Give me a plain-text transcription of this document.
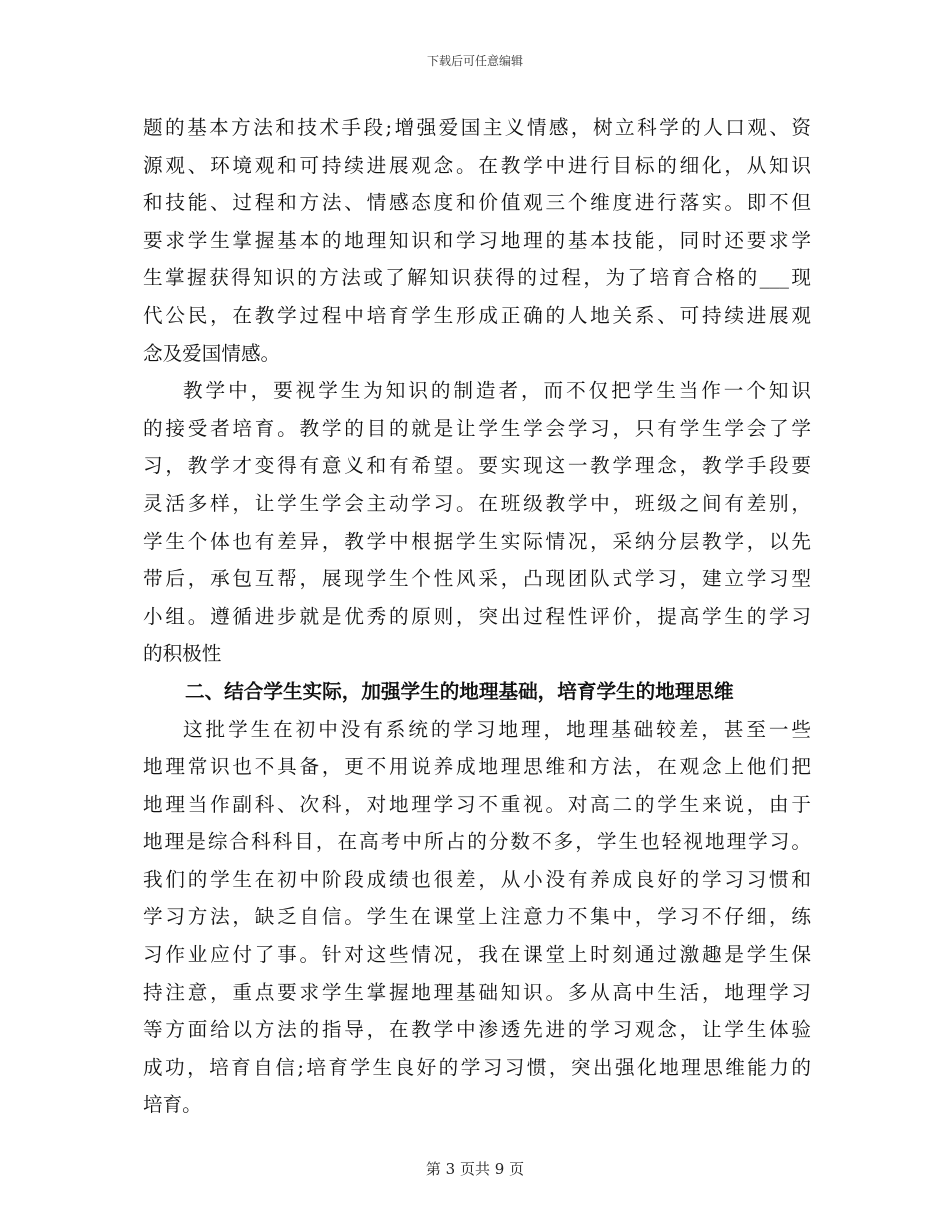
下载后可任意编辑
题的基本方法和技术手段;增强爱国主义情感，树立科学的人口观、资
源观、环境观和可持续进展观念。在教学中进行目标的细化，从知识
和技能、过程和方法、情感态度和价值观三个维度进行落实。即不但
要求学生掌握基本的地理知识和学习地理的基本技能，同时还要求学
生掌握获得知识的方法或了解知识获得的过程，为了培育合格的___现
代公民，在教学过程中培育学生形成正确的人地关系、可持续进展观
念及爱国情感。
教学中，要视学生为知识的制造者，而不仅把学生当作一个知识
的接受者培育。教学的目的就是让学生学会学习，只有学生学会了学
习，教学才变得有意义和有希望。要实现这一教学理念，教学手段要
灵活多样，让学生学会主动学习。在班级教学中，班级之间有差别，
学生个体也有差异，教学中根据学生实际情况，采纳分层教学，以先
带后，承包互帮，展现学生个性风采，凸现团队式学习，建立学习型
小组。遵循进步就是优秀的原则，突出过程性评价，提高学生的学习
的积极性
二、结合学生实际，加强学生的地理基础，培育学生的地理思维
这批学生在初中没有系统的学习地理，地理基础较差，甚至一些
地理常识也不具备，更不用说养成地理思维和方法，在观念上他们把
地理当作副科、次科，对地理学习不重视。对高二的学生来说，由于
地理是综合科科目，在高考中所占的分数不多，学生也轻视地理学习。
我们的学生在初中阶段成绩也很差，从小没有养成良好的学习习惯和
学习方法，缺乏自信。学生在课堂上注意力不集中，学习不仔细，练
习作业应付了事。针对这些情况，我在课堂上时刻通过激趣是学生保
持注意，重点要求学生掌握地理基础知识。多从高中生活，地理学习
等方面给以方法的指导，在教学中渗透先进的学习观念，让学生体验
成功，培育自信;培育学生良好的学习习惯，突出强化地理思维能力的
培育。
第 3 页共 9 页
